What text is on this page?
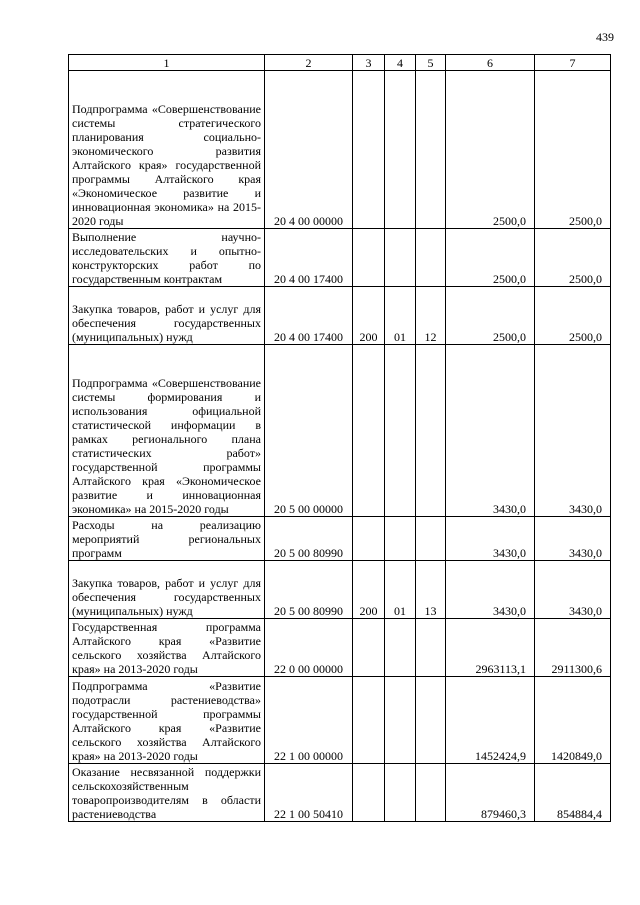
439
1	2	3	4	5	6	7
Подпрограмма «Совершенствование системы стратегического планирования социально-экономического развития Алтайского края» государственной программы Алтайского края «Экономическое развитие и инновационная экономика» на 2015-2020 годы	20 4 00 00000				2500,0	2500,0
Выполнение научно-исследовательских и опытно-конструкторских работ по государственным контрактам	20 4 00 17400				2500,0	2500,0
Закупка товаров, работ и услуг для обеспечения государственных (муниципальных) нужд	20 4 00 17400	200	01	12	2500,0	2500,0
Подпрограмма «Совершенствование системы формирования и использования официальной статистической информации в рамках регионального плана статистических работ» государственной программы Алтайского края «Экономическое развитие и инновационная экономика» на 2015-2020 годы	20 5 00 00000				3430,0	3430,0
Расходы на реализацию мероприятий региональных программ	20 5 00 80990				3430,0	3430,0
Закупка товаров, работ и услуг для обеспечения государственных (муниципальных) нужд	20 5 00 80990	200	01	13	3430,0	3430,0
Государственная программа Алтайского края «Развитие сельского хозяйства Алтайского края» на 2013-2020 годы	22 0 00 00000				2963113,1	2911300,6
Подпрограмма «Развитие подотрасли растениеводства» государственной программы Алтайского края «Развитие сельского хозяйства Алтайского края» на 2013-2020 годы	22 1 00 00000				1452424,9	1420849,0
Оказание несвязанной поддержки сельскохозяйственным товаропроизводителям в области растениеводства	22 1 00 50410				879460,3	854884,4
